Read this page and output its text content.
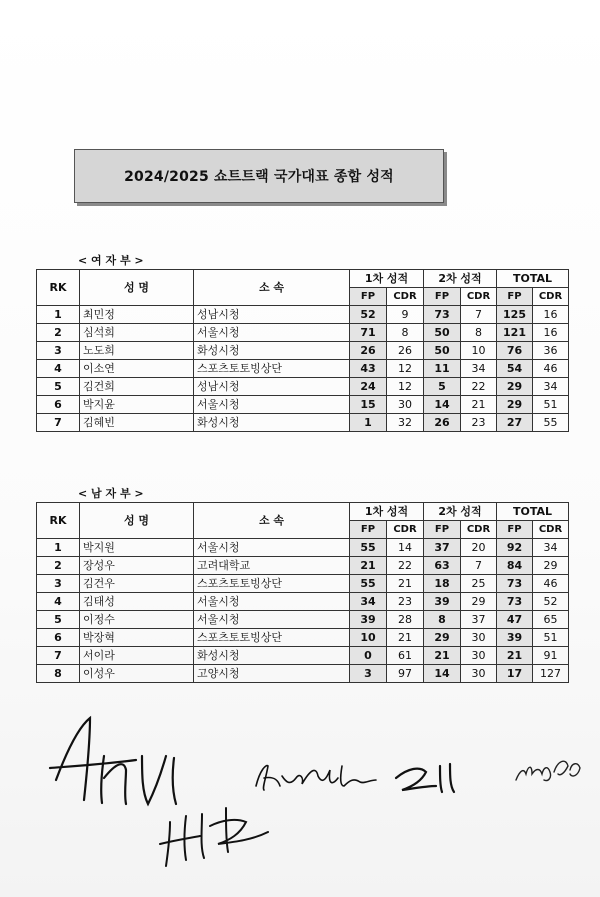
2024/2025 쇼트트랙 국가대표 종합 성적
< 여 자 부 >
RK	성 명	소 속	1차 성적		2차 성적		TOTAL	
			FP	CDR	FP	CDR	FP	CDR
1	최민정	성남시청	52	9	73	7	125	16
2	심석희	서울시청	71	8	50	8	121	16
3	노도희	화성시청	26	26	50	10	76	36
4	이소연	스포츠토토빙상단	43	12	11	34	54	46
5	김건희	성남시청	24	12	5	22	29	34
6	박지윤	서울시청	15	30	14	21	29	51
7	김혜빈	화성시청	1	32	26	23	27	55
< 남 자 부 >
RK	성 명	소 속	1차 성적		2차 성적		TOTAL	
			FP	CDR	FP	CDR	FP	CDR
1	박지원	서울시청	55	14	37	20	92	34
2	장성우	고려대학교	21	22	63	7	84	29
3	김건우	스포츠토토빙상단	55	21	18	25	73	46
4	김태성	서울시청	34	23	39	29	73	52
5	이정수	서울시청	39	28	8	37	47	65
6	박장혁	스포츠토토빙상단	10	21	29	30	39	51
7	서이라	화성시청	0	61	21	30	21	91
8	이성우	고양시청	3	97	14	30	17	127
